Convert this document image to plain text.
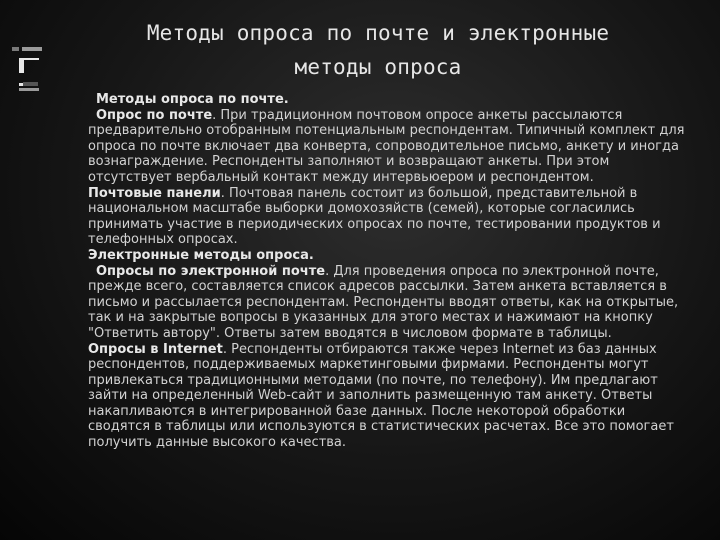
Методы опроса по почте и электронные
методы опроса

Методы опроса по почте.

Опрос по почте. При традиционном почтовом опросе анкеты рассылаются предварительно отобранным потенциальным респондентам. Типичный комплект для опроса по почте включает два конверта, сопроводительное письмо, анкету и иногда вознаграждение. Респонденты заполняют и возвращают анкеты. При этом отсутствует вербальный контакт между интервьюером и респондентом.

Почтовые панели. Почтовая панель состоит из большой, представительной в национальном масштабе выборки домохозяйств (семей), которые согласились принимать участие в периодических опросах по почте, тестировании продуктов и телефонных опросах.

Электронные методы опроса.

Опросы по электронной почте. Для проведения опроса по электронной почте, прежде всего, составляется список адресов рассылки. Затем анкета вставляется в письмо и рассылается респондентам. Респонденты вводят ответы, как на открытые, так и на закрытые вопросы в указанных для этого местах и нажимают на кнопку "Ответить автору". Ответы затем вводятся в числовом формате в таблицы.

Опросы в Internet. Респонденты отбираются также через Internet из баз данных респондентов, поддерживаемых маркетинговыми фирмами. Респонденты могут привлекаться традиционными методами (по почте, по телефону). Им предлагают зайти на определенный Web-сайт и заполнить размещенную там анкету. Ответы накапливаются в интегрированной базе данных. После некоторой обработки сводятся в таблицы или используются в статистических расчетах. Все это помогает получить данные высокого качества.
